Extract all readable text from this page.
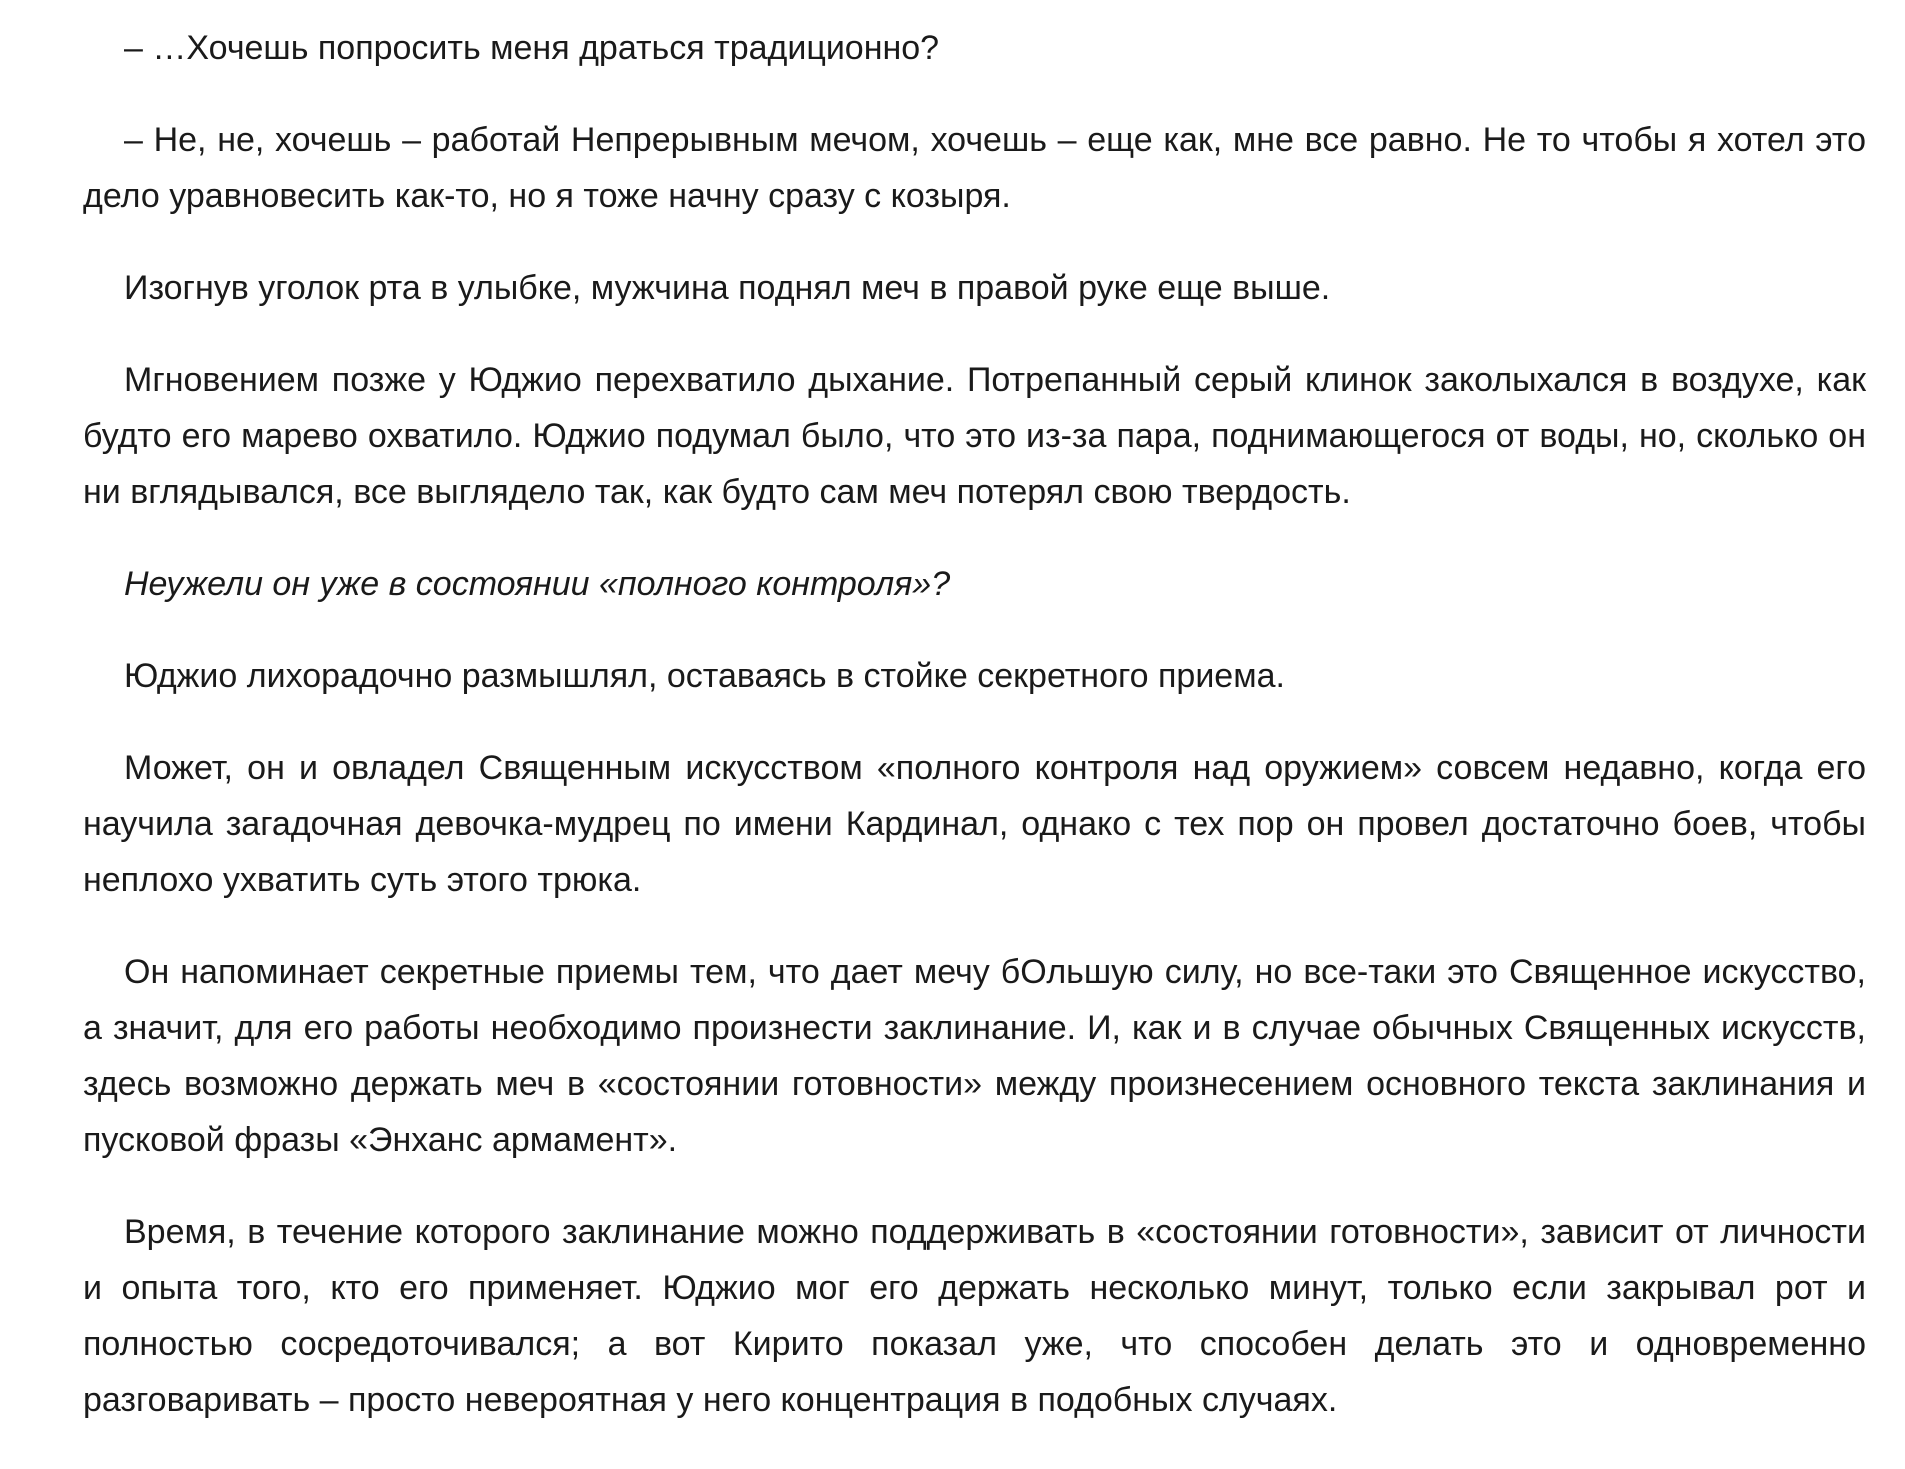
– …Хочешь попросить меня драться традиционно?

– Не, не, хочешь – работай Непрерывным мечом, хочешь – еще как, мне все равно. Не то чтобы я хотел это дело уравновесить как-то, но я тоже начну сразу с козыря.

Изогнув уголок рта в улыбке, мужчина поднял меч в правой руке еще выше.

Мгновением позже у Юджио перехватило дыхание. Потрепанный серый клинок заколыхался в воздухе, как будто его марево охватило. Юджио подумал было, что это из-за пара, поднимающегося от воды, но, сколько он ни вглядывался, все выглядело так, как будто сам меч потерял свою твердость.

Неужели он уже в состоянии «полного контроля»?

Юджио лихорадочно размышлял, оставаясь в стойке секретного приема.

Может, он и овладел Священным искусством «полного контроля над оружием» совсем недавно, когда его научила загадочная девочка-мудрец по имени Кардинал, однако с тех пор он провел достаточно боев, чтобы неплохо ухватить суть этого трюка.

Он напоминает секретные приемы тем, что дает мечу бОльшую силу, но все-таки это Священное искусство, а значит, для его работы необходимо произнести заклинание. И, как и в случае обычных Священных искусств, здесь возможно держать меч в «состоянии готовности» между произнесением основного текста заклинания и пусковой фразы «Энханс армамент».

Время, в течение которого заклинание можно поддерживать в «состоянии готовности», зависит от личности и опыта того, кто его применяет. Юджио мог его держать несколько минут, только если закрывал рот и полностью сосредоточивался; а вот Кирито показал уже, что способен делать это и одновременно разговаривать – просто невероятная у него концентрация в подобных случаях.
